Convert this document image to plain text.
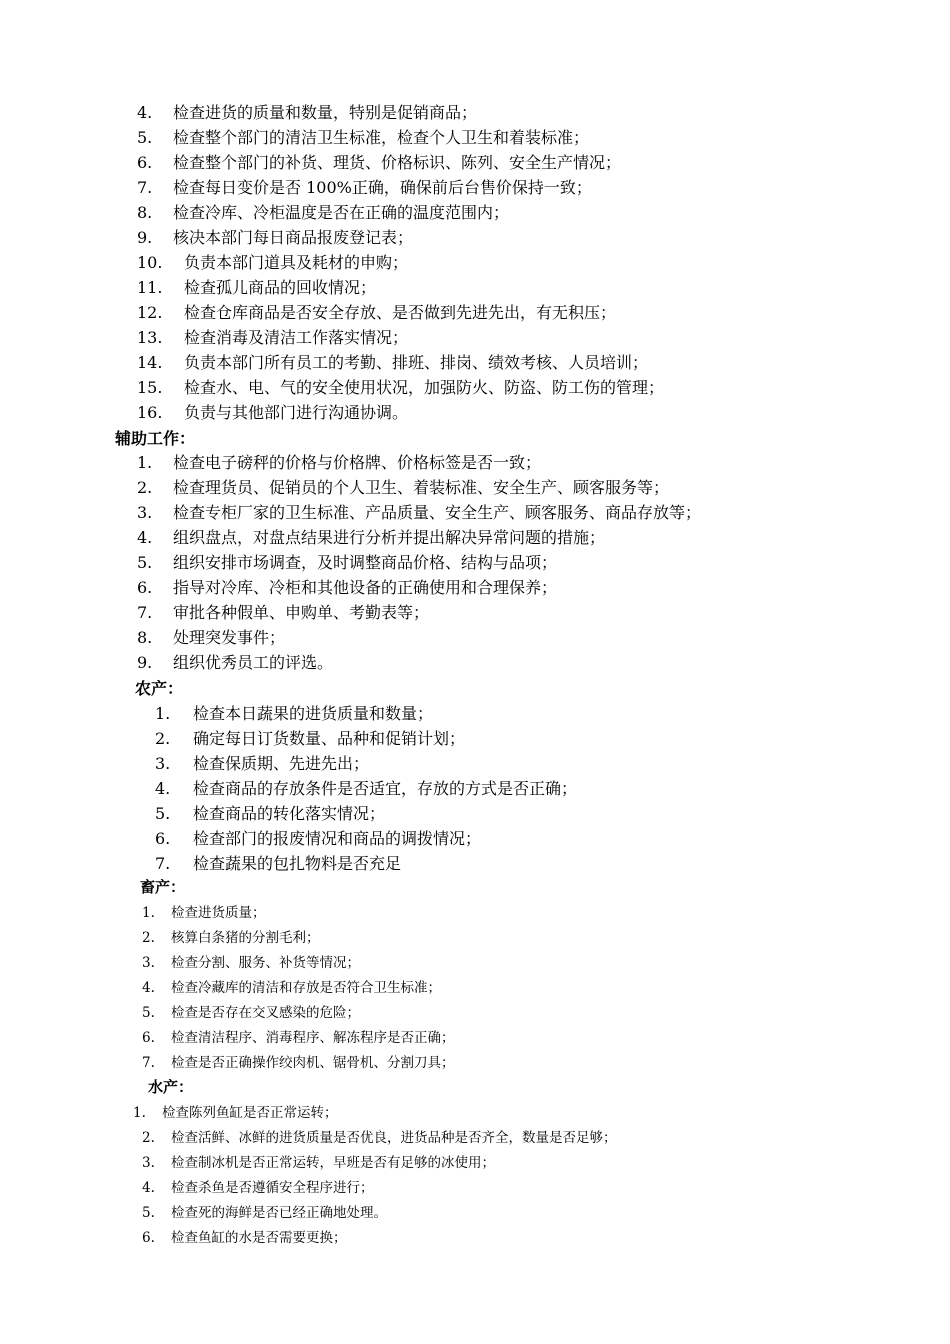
4.	检查进货的质量和数量，特别是促销商品；
5.	检查整个部门的清洁卫生标准，检查个人卫生和着装标准；
6.	检查整个部门的补货、理货、价格标识、陈列、安全生产情况；
7.	检查每日变价是否 100%正确，确保前后台售价保持一致；
8.	检查冷库、冷柜温度是否在正确的温度范围内；
9.	核决本部门每日商品报废登记表；
10.	负责本部门道具及耗材的申购；
11.	检查孤儿商品的回收情况；
12.	检查仓库商品是否安全存放、是否做到先进先出，有无积压；
13.	检查消毒及清洁工作落实情况；
14.	负责本部门所有员工的考勤、排班、排岗、绩效考核、人员培训；
15.	检查水、电、气的安全使用状况，加强防火、防盗、防工伤的管理；
16.	负责与其他部门进行沟通协调。
辅助工作：
1.	检查电子磅秤的价格与价格牌、价格标签是否一致；
2.	检查理货员、促销员的个人卫生、着装标准、安全生产、顾客服务等；
3.	检查专柜厂家的卫生标准、产品质量、安全生产、顾客服务、商品存放等；
4.	组织盘点，对盘点结果进行分析并提出解决异常问题的措施；
5.	组织安排市场调查，及时调整商品价格、结构与品项；
6.	指导对冷库、冷柜和其他设备的正确使用和合理保养；
7.	审批各种假单、申购单、考勤表等；
8.	处理突发事件；
9.	组织优秀员工的评选。
农产：
1.	检查本日蔬果的进货质量和数量；
2.	确定每日订货数量、品种和促销计划；
3.	检查保质期、先进先出；
4.	检查商品的存放条件是否适宜，存放的方式是否正确；
5.	检查商品的转化落实情况；
6.	检查部门的报废情况和商品的调拨情况；
7.	检查蔬果的包扎物料是否充足
畜产：
1.	检查进货质量；
2.	核算白条猪的分割毛利；
3.	检查分割、服务、补货等情况；
4.	检查冷藏库的清洁和存放是否符合卫生标准；
5.	检查是否存在交叉感染的危险；
6.	检查清洁程序、消毒程序、解冻程序是否正确；
7.	检查是否正确操作绞肉机、锯骨机、分割刀具；
水产：
1.	检查陈列鱼缸是否正常运转；
2.	检查活鲜、冰鲜的进货质量是否优良，进货品种是否齐全，数量是否足够；
3.	检查制冰机是否正常运转，早班是否有足够的冰使用；
4.	检查杀鱼是否遵循安全程序进行；
5.	检查死的海鲜是否已经正确地处理。
6.	检查鱼缸的水是否需要更换；
